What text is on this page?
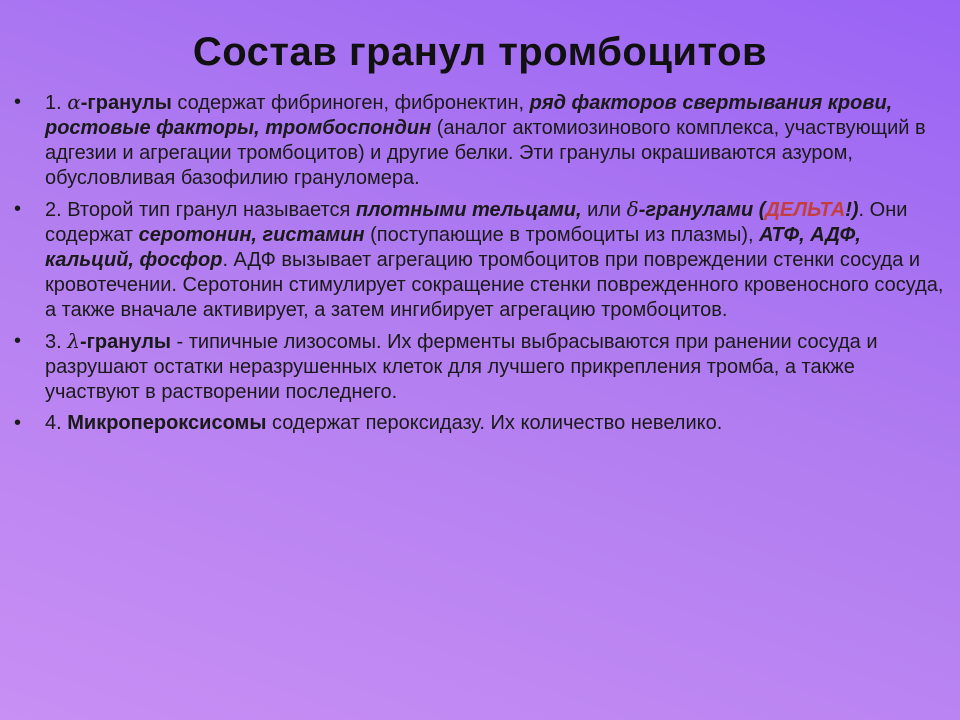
Состав гранул тромбоцитов
• 1. α-гранулы содержат фибриноген, фибронектин, ряд факторов свертывания крови, ростовые факторы, тромбоспондин (аналог актомиозинового комплекса, участвующий в адгезии и агрегации тромбоцитов) и другие белки. Эти гранулы окрашиваются азуром, обусловливая базофилию грануломера.
• 2. Второй тип гранул называется плотными тельцами, или δ-гранулами (ДЕЛЬТА!). Они содержат серотонин, гистамин (поступающие в тромбоциты из плазмы), АТФ, АДФ, кальций, фосфор. АДФ вызывает агрегацию тромбоцитов при повреждении стенки сосуда и кровотечении. Серотонин стимулирует сокращение стенки поврежденного кровеносного сосуда, а также вначале активирует, а затем ингибирует агрегацию тромбоцитов.
• 3. λ-гранулы - типичные лизосомы. Их ферменты выбрасываются при ранении сосуда и разрушают остатки неразрушенных клеток для лучшего прикрепления тромба, а также участвуют в растворении последнего.
• 4. Микропероксисомы содержат пероксидазу. Их количество невелико.
